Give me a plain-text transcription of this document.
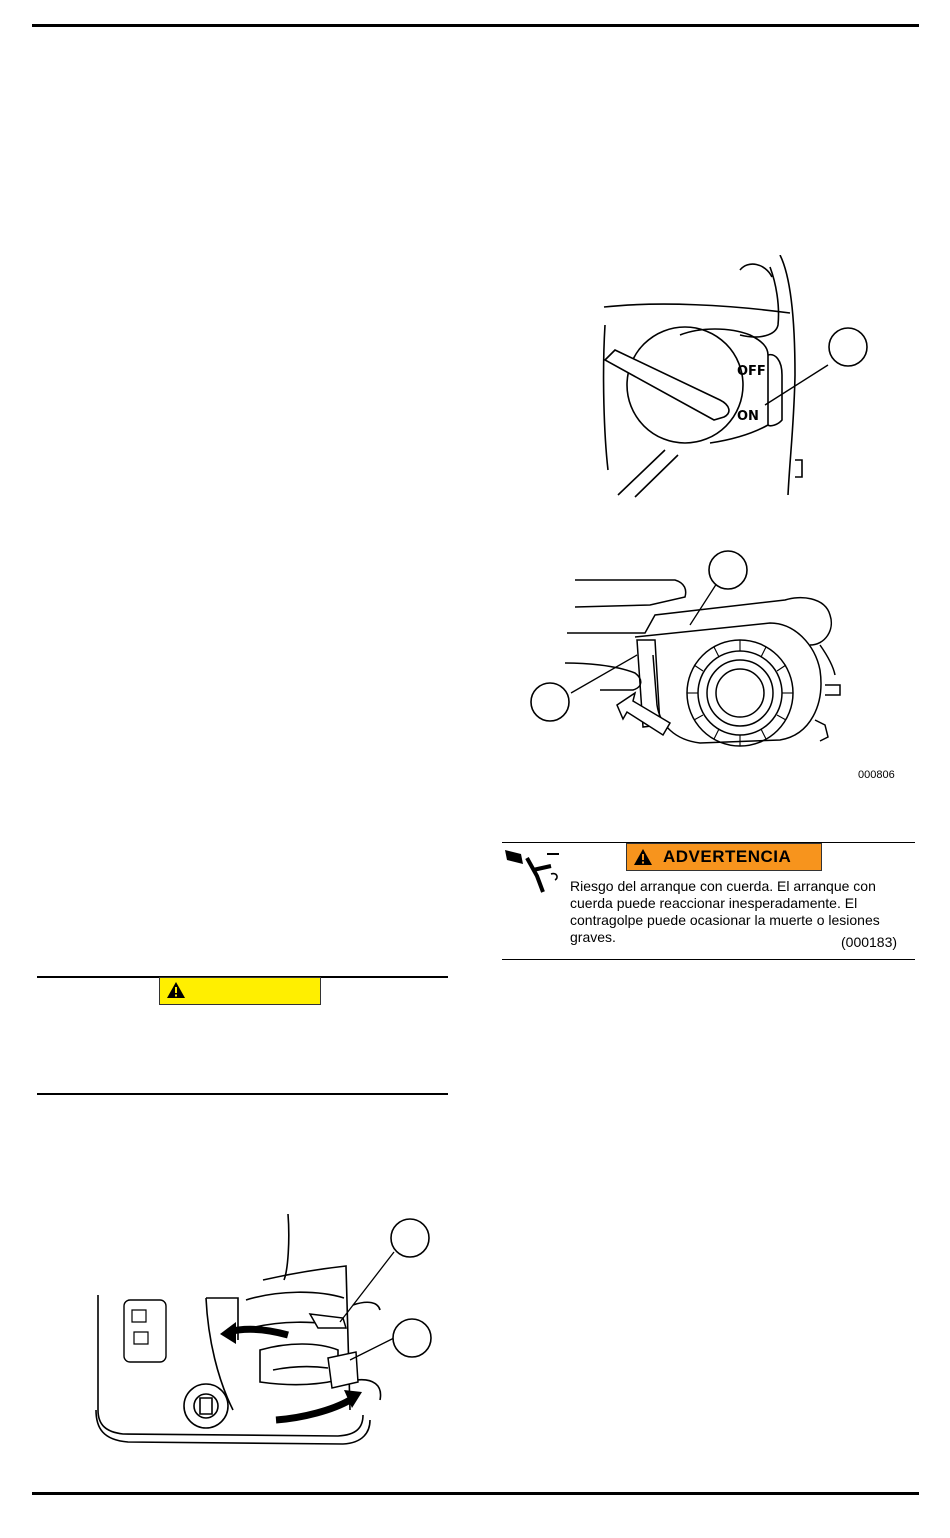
OFF
ON
000806
ADVERTENCIA
Riesgo del arranque con cuerda. El arranque con cuerda puede reaccionar inesperadamente. El contragolpe puede ocasionar la muerte o lesiones graves.	(000183)
